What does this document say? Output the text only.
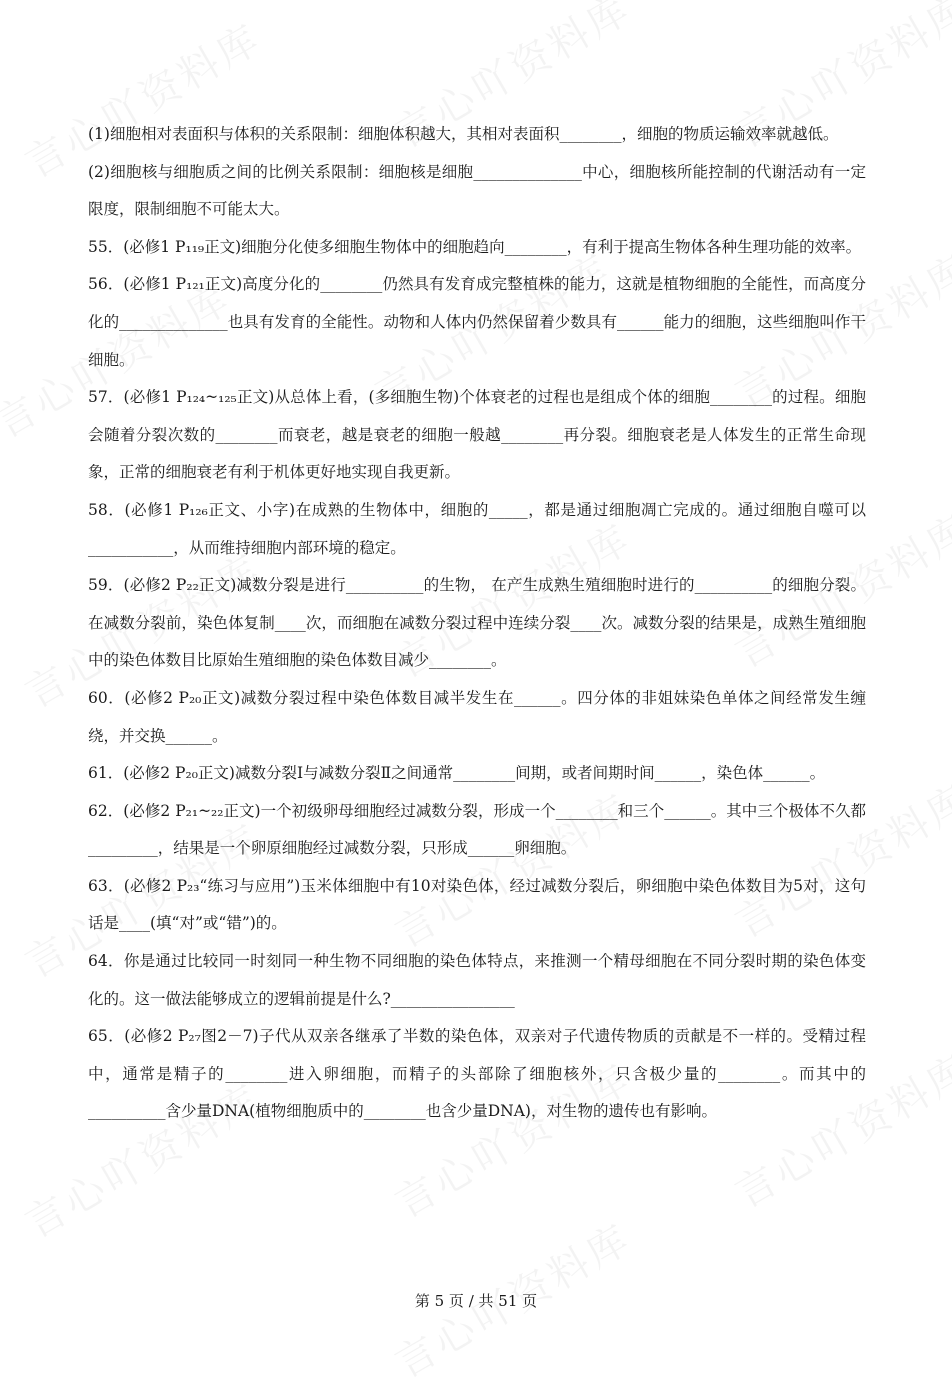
(1)细胞相对表面积与体积的关系限制：细胞体积越大，其相对表面积________，细胞的物质运输效率就越低。

(2)细胞核与细胞质之间的比例关系限制：细胞核是细胞______________中心，细胞核所能控制的代谢活动有一定限度，限制细胞不可能太大。

55．(必修1 P₁₁₉正文)细胞分化使多细胞生物体中的细胞趋向________，有利于提高生物体各种生理功能的效率。

56．(必修1 P₁₂₁正文)高度分化的________仍然具有发育成完整植株的能力，这就是植物细胞的全能性，而高度分化的______________也具有发育的全能性。动物和人体内仍然保留着少数具有______能力的细胞，这些细胞叫作干细胞。

57．(必修1 P₁₂₄~₁₂₅正文)从总体上看，(多细胞生物)个体衰老的过程也是组成个体的细胞________的过程。细胞会随着分裂次数的________而衰老，越是衰老的细胞一般越________再分裂。细胞衰老是人体发生的正常生命现象，正常的细胞衰老有利于机体更好地实现自我更新。

58．(必修1 P₁₂₆正文、小字)在成熟的生物体中，细胞的_____，都是通过细胞凋亡完成的。通过细胞自噬可以___________，从而维持细胞内部环境的稳定。

59．(必修2 P₂₂正文)减数分裂是进行__________的生物， 在产生成熟生殖细胞时进行的__________的细胞分裂。在减数分裂前，染色体复制____次，而细胞在减数分裂过程中连续分裂____次。减数分裂的结果是，成熟生殖细胞中的染色体数目比原始生殖细胞的染色体数目减少________。

60．(必修2 P₂₀正文)减数分裂过程中染色体数目减半发生在______。四分体的非姐妹染色单体之间经常发生缠绕，并交换______。

61．(必修2 P₂₀正文)减数分裂Ⅰ与减数分裂Ⅱ之间通常________间期，或者间期时间______，染色体______。

62．(必修2 P₂₁~₂₂正文)一个初级卵母细胞经过减数分裂，形成一个________和三个______。其中三个极体不久都_________，结果是一个卵原细胞经过减数分裂，只形成______卵细胞。

63．(必修2 P₂₃“练习与应用”)玉米体细胞中有10对染色体，经过减数分裂后，卵细胞中染色体数目为5对，这句话是____(填“对”或“错”)的。

64．你是通过比较同一时刻同一种生物不同细胞的染色体特点，来推测一个精母细胞在不同分裂时期的染色体变化的。这一做法能够成立的逻辑前提是什么?________________

65．(必修2 P₂₇图2－7)子代从双亲各继承了半数的染色体，双亲对子代遗传物质的贡献是不一样的。受精过程中，通常是精子的________进入卵细胞，而精子的头部除了细胞核外，只含极少量的________。而其中的__________含少量DNA(植物细胞质中的________也含少量DNA)，对生物的遗传也有影响。

第 5 页 / 共 51 页
